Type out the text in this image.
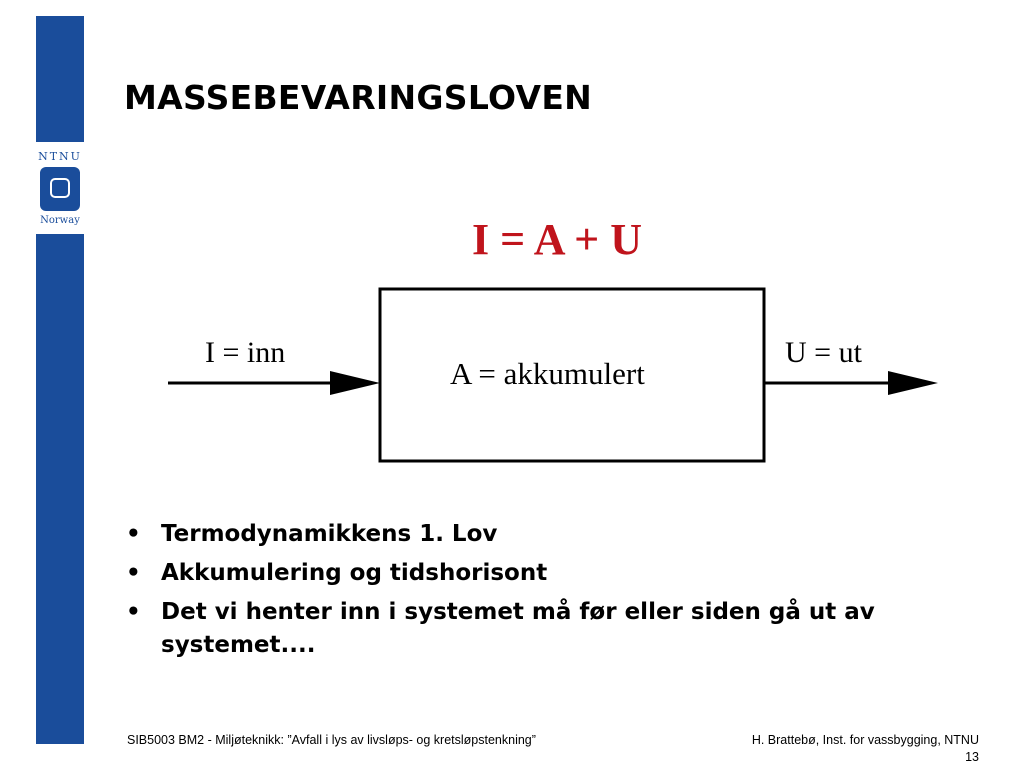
NTNU
Norway
MASSEBEVARINGSLOVEN
I = A + U
I = inn
A = akkumulert
U = ut
• Termodynamikkens 1. Lov
• Akkumulering og tidshorisont
• Det vi henter inn i systemet må før eller siden gå ut av systemet....
SIB5003 BM2 - Miljøteknikk: ”Avfall i lys av livsløps- og kretsløpstenkning”	H. Brattebø, Inst. for vassbygging, NTNU
13
